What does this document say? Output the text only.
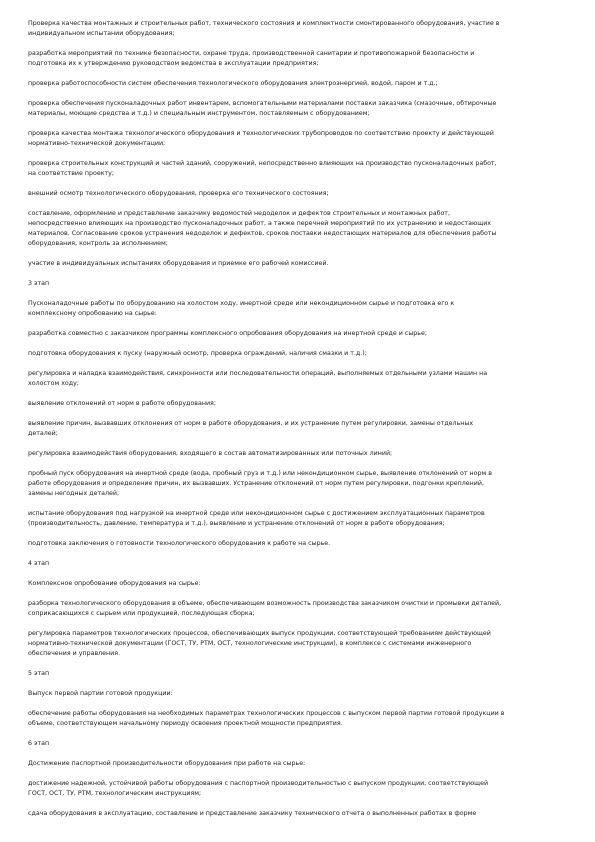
Проверка качества монтажных и строительных работ, технического состояния и комплектности смонтированного оборудования, участие в
индивидуальном испытании оборудования;
разработка мероприятий по технике безопасности, охране труда, производственной санитарии и противопожарной безопасности и
подготовка их к утверждению руководством ведомства в эксплуатации предприятия;
проверка работоспособности систем обеспечения технологического оборудования электроэнергией, водой, паром и т.д.;
проверка обеспечения пусконаладочных работ инвентарем, вспомогательными материалами поставки заказчика (смазочные, обтирочные
материалы, моющие средства и т.д.) и специальным инструментом, поставляемым с оборудованием;
проверка качества монтажа технологического оборудования и технологических трубопроводов по соответствию проекту и действующей
нормативно-технической документации;
проверка строительных конструкций и частей зданий, сооружений, непосредственно влияющих на производство пусконаладочных работ,
на соответствие проекту;
внешний осмотр технологического оборудования, проверка его технического состояния;
составление, оформление и представление заказчику ведомостей недоделок и дефектов строительных и монтажных работ,
непосредственно влияющих на производство пусконаладочных работ, а также перечней мероприятий по их устранению и недостающих
материалов. Согласование сроков устранения недоделок и дефектов, сроков поставки недостающих материалов для обеспечения работы
оборудования, контроль за исполнением;
участие в индивидуальных испытаниях оборудования и приемке его рабочей комиссией.
3 этап
Пусконаладочные работы по оборудованию на холостом ходу, инертной среде или некондиционном сырье и подготовка его к
комплексному опробованию на сырье:
разработка совместно с заказчиком программы комплексного опробования оборудования на инертной среде и сырье;
подготовка оборудования к пуску (наружный осмотр, проверка ограждений, наличия смазки и т.д.);
регулировка и наладка взаимодействия, синхронности или последовательности операций, выполняемых отдельными узлами машин на
холостом ходу;
выявление отклонений от норм в работе оборудования;
выявление причин, вызвавших отклонения от норм в работе оборудования, и их устранение путем регулировки, замены отдельных
деталей;
регулировка взаимодействия оборудования, входящего в состав автоматизированных или поточных линий;
пробный пуск оборудования на инертной среде (вода, пробный груз и т.д.) или некондиционном сырье, выявление отклонений от норм в
работе оборудования и определение причин, их вызвавших. Устранение отклонений от норм путем регулировки, подгонки креплений,
замены негодных деталей;
испытание оборудования под нагрузкой на инертной среде или некондиционном сырье с достижением эксплуатационных параметров
(производительность, давление, температура и т.д.), выявление и устранение отклонений от норм в работе оборудования;
подготовка заключения о готовности технологического оборудования к работе на сырье.
4 этап
Комплексное опробование оборудования на сырье:
разборка технологического оборудования в объеме, обеспечивающем возможность производства заказчиком очистки и промывки деталей,
соприкасающихся с сырьем или продукцией, последующая сборка;
регулировка параметров технологических процессов, обеспечивающих выпуск продукции, соответствующей требованиям действующей
нормативно-технической документации (ГОСТ, ТУ, РТМ, ОСТ, технологические инструкции), в комплексе с системами инженерного
обеспечения и управления.
5 этап
Выпуск первой партии готовой продукции:
обеспечение работы оборудования на необходимых параметрах технологических процессов с выпуском первой партии готовой продукции в
объеме, соответствующем начальному периоду освоения проектной мощности предприятия.
6 этап
Достижение паспортной производительности оборудования при работе на сырье:
достижение надежной, устойчивой работы оборудования с паспортной производительностью с выпуском продукции, соответствующей
ГОСТ, ОСТ, ТУ, РТМ, технологическим инструкциям;
сдача оборудования в эксплуатацию, составление и представление заказчику технического отчета о выполненных работах в форме
